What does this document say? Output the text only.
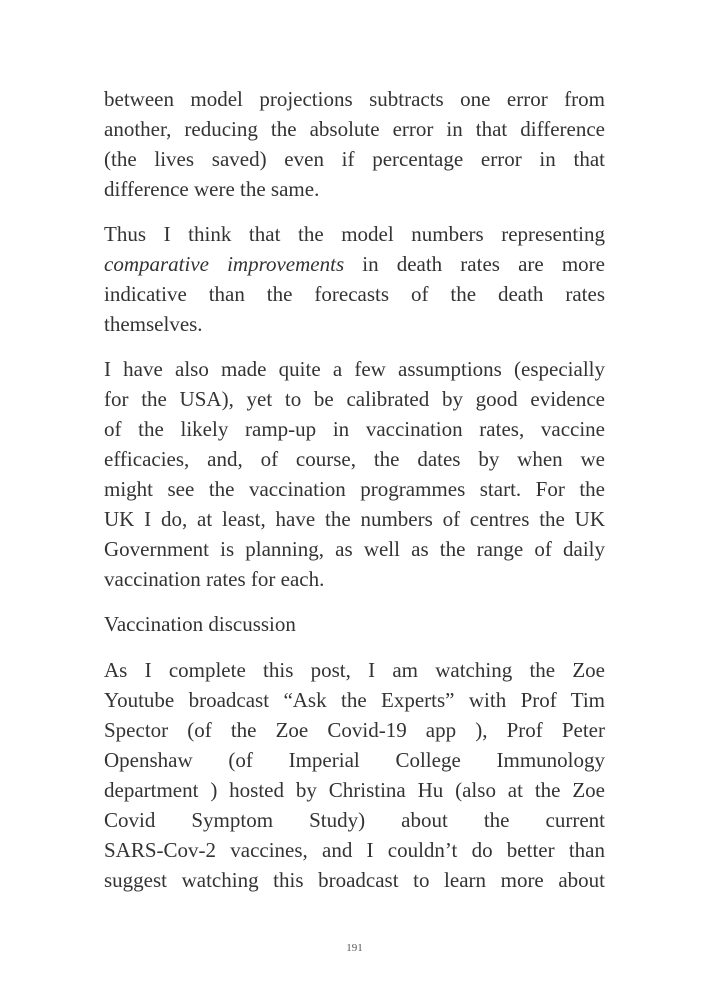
between model projections subtracts one error from
another, reducing the absolute error in that difference
(the lives saved) even if percentage error in that
difference were the same.
Thus I think that the model numbers representing
comparative improvements in death rates are more
indicative than the forecasts of the death rates
themselves.
I have also made quite a few assumptions (especially
for the USA), yet to be calibrated by good evidence
of the likely ramp-up in vaccination rates, vaccine
efficacies, and, of course, the dates by when we
might see the vaccination programmes start. For the
UK I do, at least, have the numbers of centres the UK
Government is planning, as well as the range of daily
vaccination rates for each.
Vaccination discussion
As I complete this post, I am watching the Zoe
Youtube broadcast “Ask the Experts” with Prof Tim
Spector (of the Zoe Covid-19 app ), Prof Peter
Openshaw (of Imperial College Immunology
department ) hosted by Christina Hu (also at the Zoe
Covid Symptom Study) about the current
SARS-Cov-2 vaccines, and I couldn’t do better than
suggest watching this broadcast to learn more about
191
